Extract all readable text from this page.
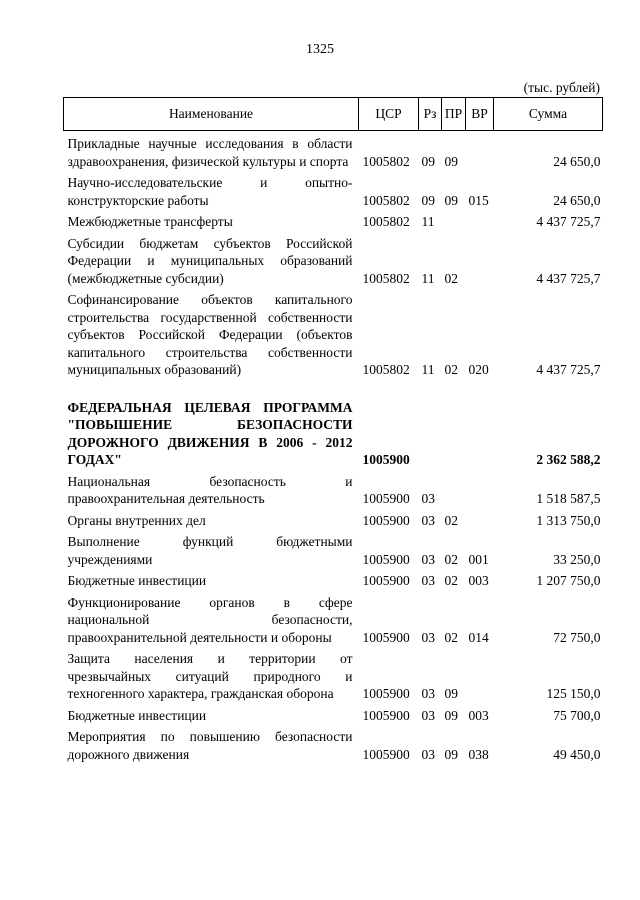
1325
(тыс. рублей)
Наименование	ЦСР	Рз	ПР	ВР	Сумма
Прикладные научные исследования в области здравоохранения, физической культуры и спорта	1005802	09	09		24 650,0
Научно-исследовательские и опытно-конструкторские работы	1005802	09	09	015	24 650,0
Межбюджетные трансферты	1005802	11			4 437 725,7
Субсидии бюджетам субъектов Российской Федерации и муниципальных образований (межбюджетные субсидии)	1005802	11	02		4 437 725,7
Софинансирование объектов капитального строительства государственной собственности субъектов Российской Федерации (объектов капитального строительства собственности муниципальных образований)	1005802	11	02	020	4 437 725,7

ФЕДЕРАЛЬНАЯ ЦЕЛЕВАЯ ПРОГРАММА "ПОВЫШЕНИЕ БЕЗОПАСНОСТИ ДОРОЖНОГО ДВИЖЕНИЯ В 2006 - 2012 ГОДАХ"	1005900				2 362 588,2
Национальная безопасность и правоохранительная деятельность	1005900	03			1 518 587,5
Органы внутренних дел	1005900	03	02		1 313 750,0
Выполнение функций бюджетными учреждениями	1005900	03	02	001	33 250,0
Бюджетные инвестиции	1005900	03	02	003	1 207 750,0
Функционирование органов в сфере национальной безопасности, правоохранительной деятельности и обороны	1005900	03	02	014	72 750,0
Защита населения и территории от чрезвычайных ситуаций природного и техногенного характера, гражданская оборона	1005900	03	09		125 150,0
Бюджетные инвестиции	1005900	03	09	003	75 700,0
Мероприятия по повышению безопасности дорожного движения	1005900	03	09	038	49 450,0
